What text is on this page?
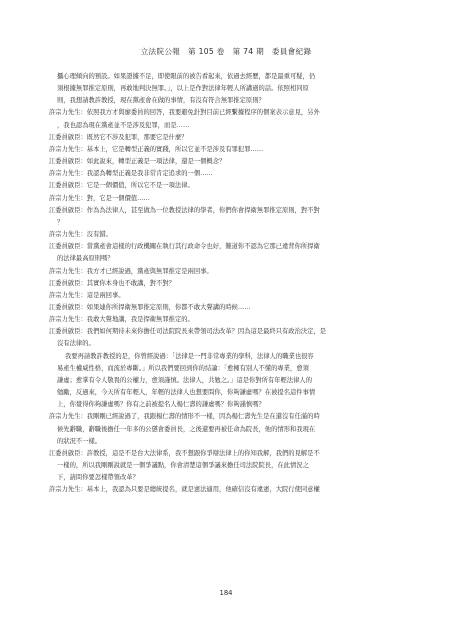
立法院公報　第 105 卷　第 74 期　委員會紀錄
攝心理傾向的預設。如果證據不足，即使眼前的被告看起來，依過去經歷，都是最重可疑，仍
須根據無罪推定原則，再敢地判決無罪。」，以上是作對法律年輕人所講過的話。依照相同原
則，我想請教許教授，現在黨產會在做的事情，有沒有符合無罪推定原則？
許宗力先生：依照我方才與廖委員的回答，我要避免針對目前已經繫據程序的個案表示意見，另外
，我也認為現在黨產並不是涉及犯罪，而是……
江委員啟臣：既然它不涉及犯罪，那要它是什麼？
許宗力先生：基本上，它是轉型正義的實踐，所以它並不是涉及有罪犯罪……
江委員啟臣：如此說來，轉型正義是一項法律，還是一個概念？
許宗力先生：我認為轉型正義是我非常肯定追求的一個……
江委員啟臣：它是一個價值，所以它不是一項法律。
許宗力先生：對，它是一個價值……
江委員啟臣：作為為法律人，甚至做為一位教授法律的學者，你們你會捍衛無罪推定原則，對不對
？
許宗力先生：沒有錯。
江委員啟臣：當黨產會這樣的行政機關在執行其行政命令也好，難道你不認為它那已違背你所捍衛
的法律最高原則嗎？
許宗力先生：我方才已經說過，黨產與無罪推定是兩回事。
江委員啟臣：其實你本身也不敢講，對不對？
許宗力先生：這是兩回事。
江委員啟臣：如果連你所捍衛無罪推定原則，你都不敢大聲講的時候……
許宗力先生：我敢大聲地講，我是捍衛無罪推定的。
江委員啟臣：我們如何期待未來你擔任司法院院長來帶領司法改革？因為這是最終只有政治決定，是
沒有法律的。
我要再請教許教授的是，你曾經說過：「法律是一門非常專業的學科，法律人的職業也很容
易產生權威性格，而流於專斷。」所以我們要回到你的結論：「愈擁有別人不懂的專業，愈須
謙虛；愈掌有令人敬畏的公權力，愈須謹慎。法律人，共勉之。」這是你對所有年輕法律人的
勉勵，反過來，今天所有年輕人，年輕的法律人也想要問你，你夠謙虛嗎？在被提名這件事情
上，你覺得你夠謙虛嗎？你有之前被提名人楊仁壽的謙虛嗎？你夠謹慎嗎？
許宗力先生：我剛剛已經說過了，我跟楊仁壽的情形不一樣，因為楊仁壽先生是在還沒有任滿的時
候先辭職，辭職後擔任一年多的公懲會委員長，之後還要再被任命為院長，他的情形和我現在
的狀況不一樣。
江委員啟臣：許教授，這是不是台大法律系，我不想跟你爭辯法律上的你知我解，我們的見解是不
一樣的，所以我剛剛說就是一個爭議點，你會清楚這個爭議來擔任司法院院長，在此情況之
下，請問你要怎樣帶領改革？
許宗力先生：基本上，我認為只要是總統提名，就是憲法適用，他確信沒有違憲，大院行使同意權
184
